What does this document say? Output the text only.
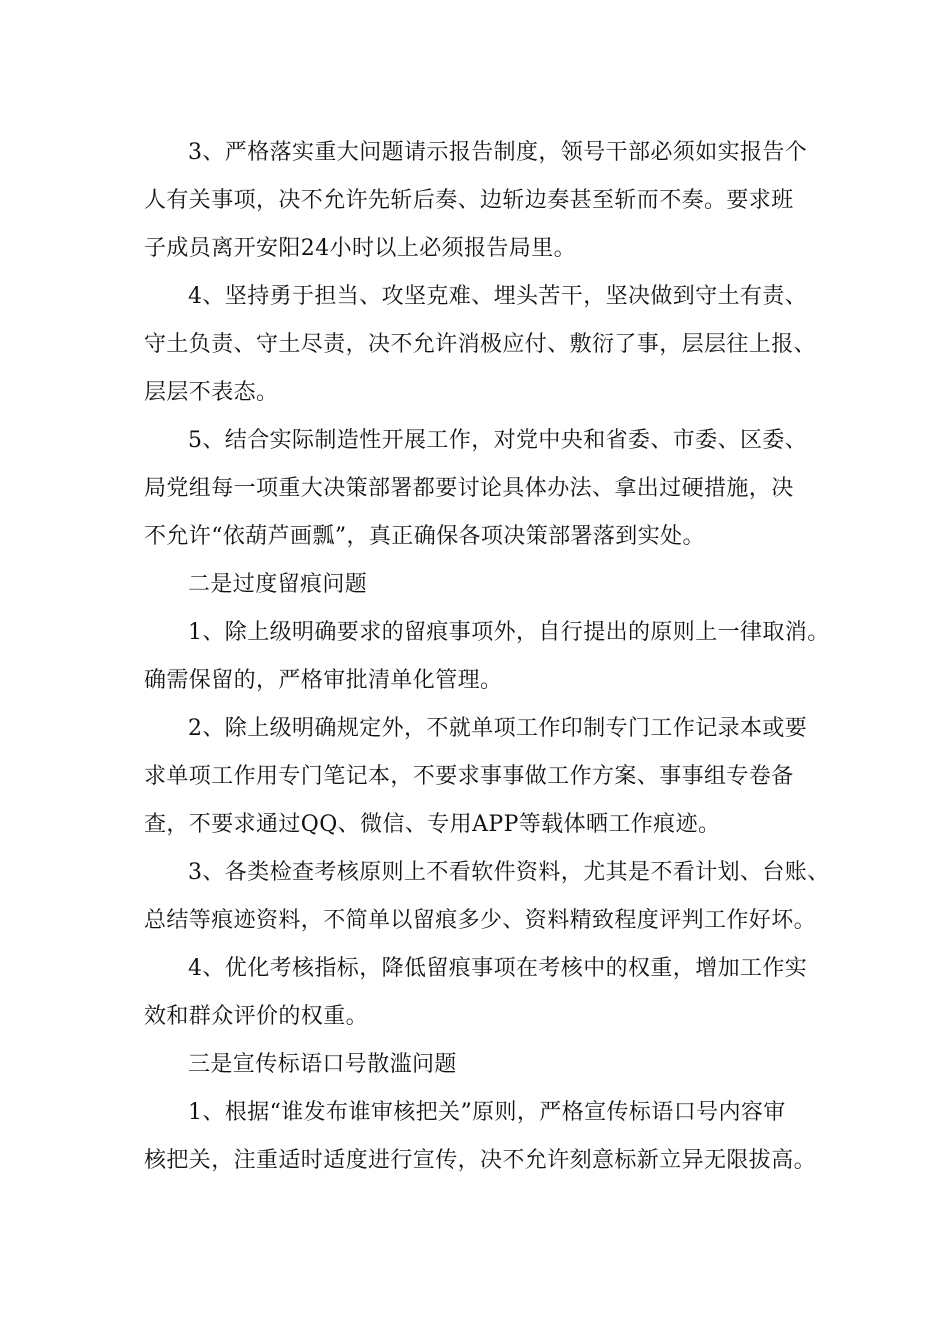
3、严格落实重大问题请示报告制度，领号干部必须如实报告个
人有关事项，决不允许先斩后奏、边斩边奏甚至斩而不奏。要求班
子成员离开安阳24小时以上必须报告局里。
4、坚持勇于担当、攻坚克难、埋头苦干，坚决做到守土有责、
守土负责、守土尽责，决不允许消极应付、敷衍了事，层层往上报、
层层不表态。
5、结合实际制造性开展工作，对党中央和省委、市委、区委、
局党组每一项重大决策部署都要讨论具体办法、拿出过硬措施，决
不允许“依葫芦画瓢”，真正确保各项决策部署落到实处。
二是过度留痕问题
1、除上级明确要求的留痕事项外，自行提出的原则上一律取消。
确需保留的，严格审批清单化管理。
2、除上级明确规定外，不就单项工作印制专门工作记录本或要
求单项工作用专门笔记本，不要求事事做工作方案、事事组专卷备
查，不要求通过QQ、微信、专用APP等载体晒工作痕迹。
3、各类检查考核原则上不看软件资料，尤其是不看计划、台账、
总结等痕迹资料，不简单以留痕多少、资料精致程度评判工作好坏。
4、优化考核指标，降低留痕事项在考核中的权重，增加工作实
效和群众评价的权重。
三是宣传标语口号散滥问题
1、根据“谁发布谁审核把关”原则，严格宣传标语口号内容审
核把关，注重适时适度进行宣传，决不允许刻意标新立异无限拔高。
